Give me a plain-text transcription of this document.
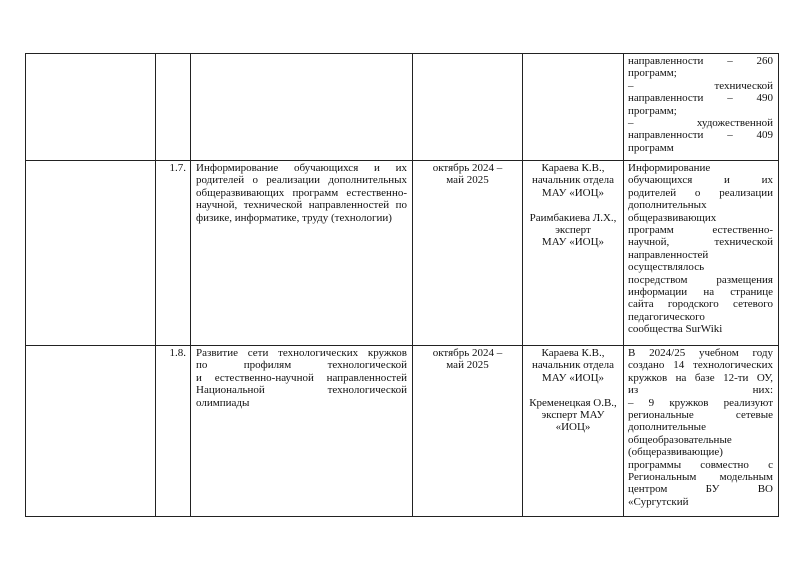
направленности – 260
программ;
– технической
направленности – 490
программ;
– художественной
направленности – 409
программ
1.7. Информирование обучающихся и их
родителей о реализации дополнительных
общеразвивающих программ естественно-
научной, технической направленностей по
физике, информатике, труду (технологии)
октябрь 2024 –
май 2025
Караева К.В.,
начальник отдела
МАУ «ИОЦ»

Раимбакиева Л.Х.,
эксперт
МАУ «ИОЦ»
Информирование
обучающихся и их
родителей о реализации
дополнительных
общеразвивающих
программ естественно-
научной, технической
направленностей
осуществлялось
посредством размещения
информации на странице
сайта городского сетевого
педагогического
сообщества SurWiki
1.8. Развитие сети технологических кружков
по профилям технологической
и естественно-научной направленностей
Национальной технологической
олимпиады
октябрь 2024 –
май 2025
Караева К.В.,
начальник отдела
МАУ «ИОЦ»

Кременецкая О.В.,
эксперт МАУ
«ИОЦ»
В 2024/25 учебном году
создано 14 технологических
кружков на базе 12-ти ОУ,
из них:
– 9 кружков реализуют
региональные сетевые
дополнительные
общеобразовательные
(общеразвивающие)
программы совместно с
Региональным модельным
центром БУ ВО
«Сургутский
